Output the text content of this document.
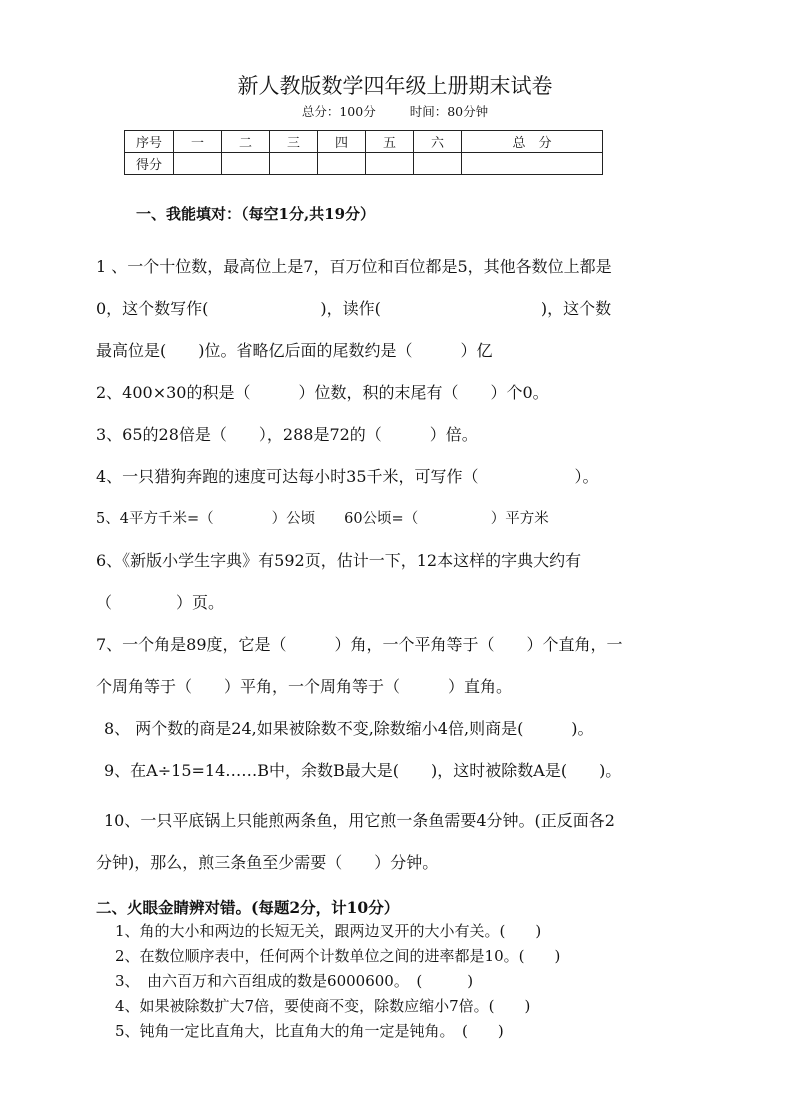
新人教版数学四年级上册期末试卷
总分：100分	时间：80分钟
序号	一	二	三	四	五	六	总　分
得分							
一、我能填对：（每空1分,共19分）
1 、一个十位数，最高位上是7，百万位和百位都是5，其他各数位上都是
0，这个数写作(　　　　　　　)，读作(　　　　　　　　　　)，这个数
最高位是(　　)位。省略亿后面的尾数约是（　　　）亿
2、400×30的积是（　　　）位数，积的末尾有（　　）个0。
3、65的28倍是（　　），288是72的（　　　）倍。
4、一只猎狗奔跑的速度可达每小时35千米，可写作（　　　　　　）。
5、4平方千米=（　　　　）公顷　　60公顷=（　　　　　）平方米
6、《新版小学生字典》有592页，估计一下，12本这样的字典大约有
（　　　　）页。
7、一个角是89度，它是（　　　）角，一个平角等于（　　）个直角，一
个周角等于（　　）平角，一个周角等于（　　　）直角。
8、 两个数的商是24,如果被除数不变,除数缩小4倍,则商是(　　　)。
9、在A÷15=14……B中，余数B最大是(　　)，这时被除数A是(　　)。
10、一只平底锅上只能煎两条鱼，用它煎一条鱼需要4分钟。(正反面各2
分钟)，那么，煎三条鱼至少需要（　　）分钟。
二、火眼金睛辨对错。(每题2分，计10分）
1、角的大小和两边的长短无关，跟两边叉开的大小有关。(　　)
2、在数位顺序表中，任何两个计数单位之间的进率都是10。(　　)
3、　由六百万和六百组成的数是6000600。　(　　　)
4、如果被除数扩大7倍，要使商不变，除数应缩小7倍。(　　)
5、钝角一定比直角大，比直角大的角一定是钝角。　(　　)
